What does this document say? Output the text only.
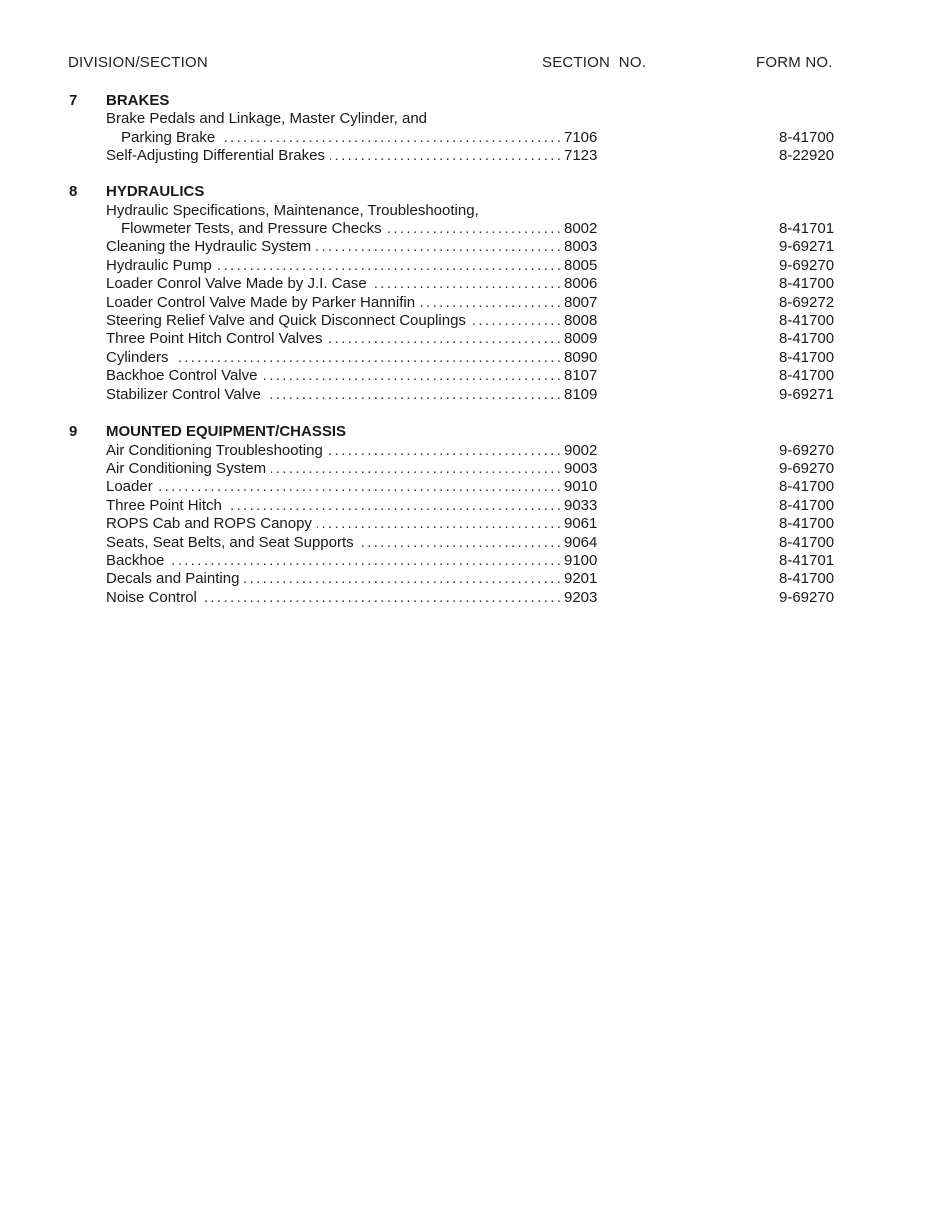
DIVISION/SECTION	SECTION  NO.	FORM NO.
7 BRAKES
Brake Pedals and Linkage, Master Cylinder, and
Parking Brake . . .	7106	8-41700
Self-Adjusting Differential Brakes . . .	7123	8-22920
8 HYDRAULICS
Hydraulic Specifications, Maintenance, Troubleshooting,
Flowmeter Tests, and Pressure Checks . . .	8002	8-41701
Cleaning the Hydraulic System . . .	8003	9-69271
Hydraulic Pump . . .	8005	9-69270
Loader Conrol Valve Made by J.I. Case . . .	8006	8-41700
Loader Control Valve Made by Parker Hannifin . . .	8007	8-69272
Steering Relief Valve and Quick Disconnect Couplings . . .	8008	8-41700
Three Point Hitch Control Valves . . .	8009	8-41700
Cylinders . . .	8090	8-41700
Backhoe Control Valve . . .	8107	8-41700
Stabilizer Control Valve . . .	8109	9-69271
9 MOUNTED EQUIPMENT/CHASSIS
Air Conditioning Troubleshooting . . .	9002	9-69270
Air Conditioning System . . .	9003	9-69270
Loader . . .	9010	8-41700
Three Point Hitch . . .	9033	8-41700
ROPS Cab and ROPS Canopy . . .	9061	8-41700
Seats, Seat Belts, and Seat Supports . . .	9064	8-41700
Backhoe . . .	9100	8-41701
Decals and Painting . . .	9201	8-41700
Noise Control . . .	9203	9-69270
